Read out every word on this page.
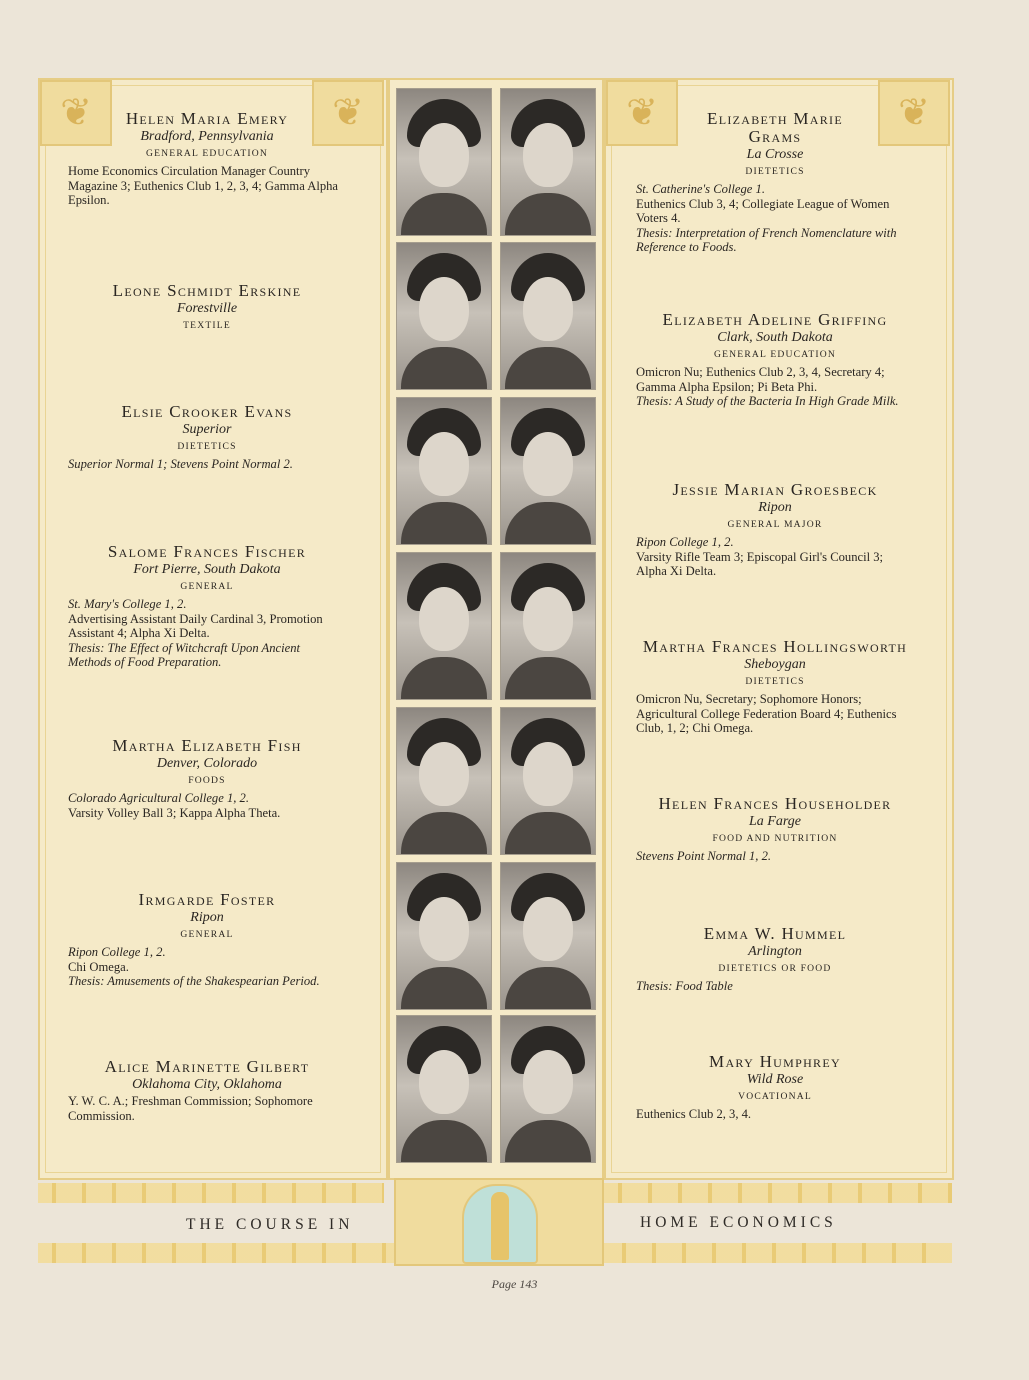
❦	❦	❦	❦
Helen Maria Emery
Bradford, Pennsylvania
GENERAL EDUCATION
Home Economics Circulation Manager Country Magazine 3; Euthenics Club 1, 2, 3, 4; Gamma Alpha Epsilon.
Leone Schmidt Erskine
Forestville
TEXTILE
Elsie Crooker Evans
Superior
DIETETICS
Superior Normal 1; Stevens Point Normal 2.
Salome Frances Fischer
Fort Pierre, South Dakota
GENERAL
St. Mary's College 1, 2.
Advertising Assistant Daily Cardinal 3, Promotion Assistant 4; Alpha Xi Delta.
Thesis: The Effect of Witchcraft Upon Ancient Methods of Food Preparation.
Martha Elizabeth Fish
Denver, Colorado
FOODS
Colorado Agricultural College 1, 2.
Varsity Volley Ball 3; Kappa Alpha Theta.
Irmgarde Foster
Ripon
GENERAL
Ripon College 1, 2.
Chi Omega.
Thesis: Amusements of the Shakespearian Period.
Alice Marinette Gilbert
Oklahoma City, Oklahoma
Y. W. C. A.; Freshman Commission; Sophomore Commission.
Elizabeth Marie Grams
La Crosse
DIETETICS
St. Catherine's College 1.
Euthenics Club 3, 4; Collegiate League of Women Voters 4.
Thesis: Interpretation of French Nomenclature with Reference to Foods.
Elizabeth Adeline Griffing
Clark, South Dakota
GENERAL EDUCATION
Omicron Nu; Euthenics Club 2, 3, 4, Secretary 4; Gamma Alpha Epsilon; Pi Beta Phi.
Thesis: A Study of the Bacteria In High Grade Milk.
Jessie Marian Groesbeck
Ripon
GENERAL MAJOR
Ripon College 1, 2.
Varsity Rifle Team 3; Episcopal Girl's Council 3; Alpha Xi Delta.
Martha Frances Hollingsworth
Sheboygan
DIETETICS
Omicron Nu, Secretary; Sophomore Honors; Agricultural College Federation Board 4; Euthenics Club, 1, 2; Chi Omega.
Helen Frances Householder
La Farge
FOOD AND NUTRITION
Stevens Point Normal 1, 2.
Emma W. Hummel
Arlington
DIETETICS OR FOOD
Thesis: Food Table
Mary Humphrey
Wild Rose
VOCATIONAL
Euthenics Club 2, 3, 4.
THE COURSE IN	HOME ECONOMICS
Page 143
